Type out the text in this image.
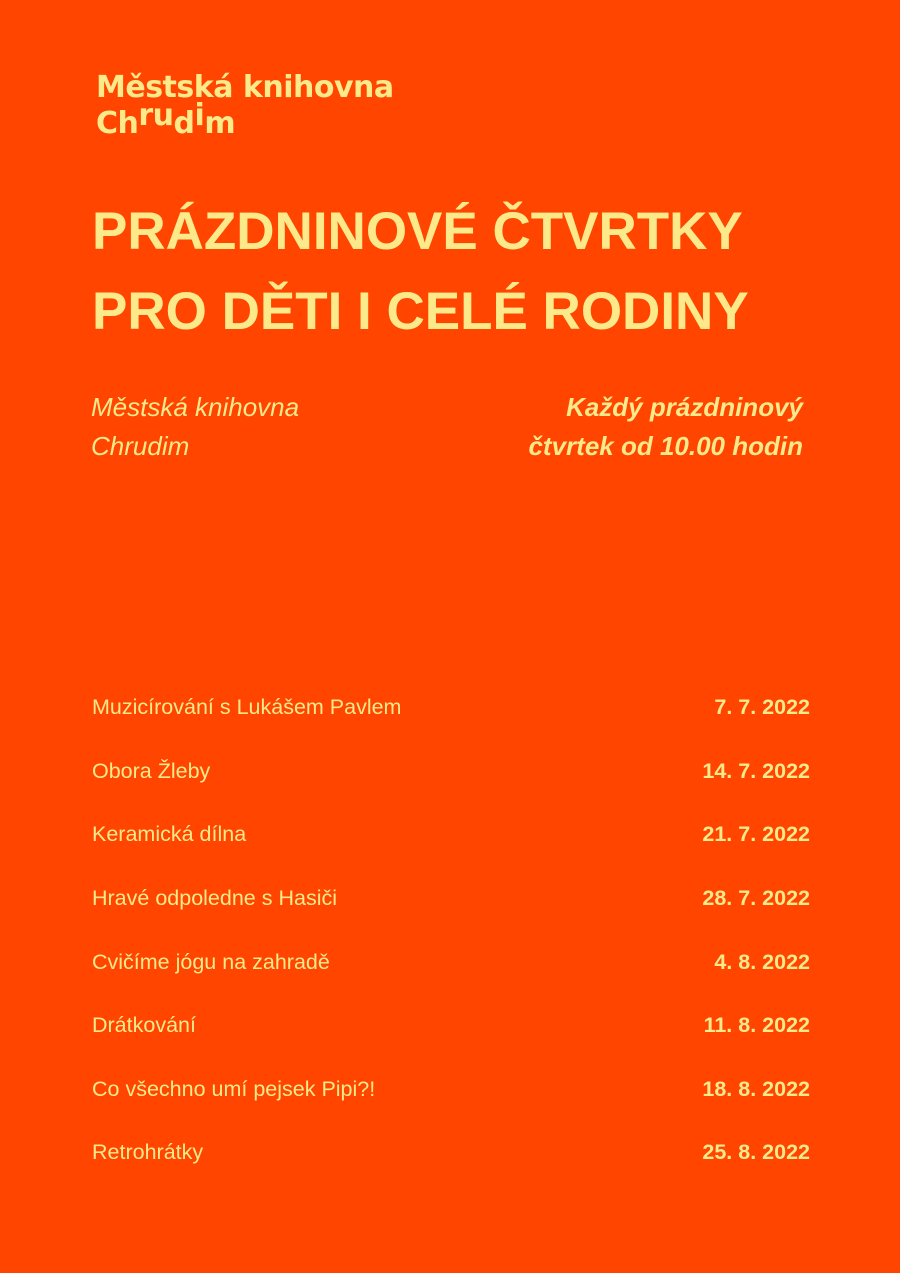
Městská knihovna
Chrudim
PRÁZDNINOVÉ ČTVRTKY
PRO DĚTI I CELÉ RODINY
Městská knihovna
Chrudim
Každý prázdninový
čtvrtek od 10.00 hodin
Muzicírování s Lukášem Pavlem	7. 7. 2022
Obora Žleby	14. 7. 2022
Keramická dílna	21. 7. 2022
Hravé odpoledne s Hasiči	28. 7. 2022
Cvičíme jógu na zahradě	4. 8. 2022
Drátkování	11. 8. 2022
Co všechno umí pejsek Pipi?!	18. 8. 2022
Retrohrátky	25. 8. 2022
